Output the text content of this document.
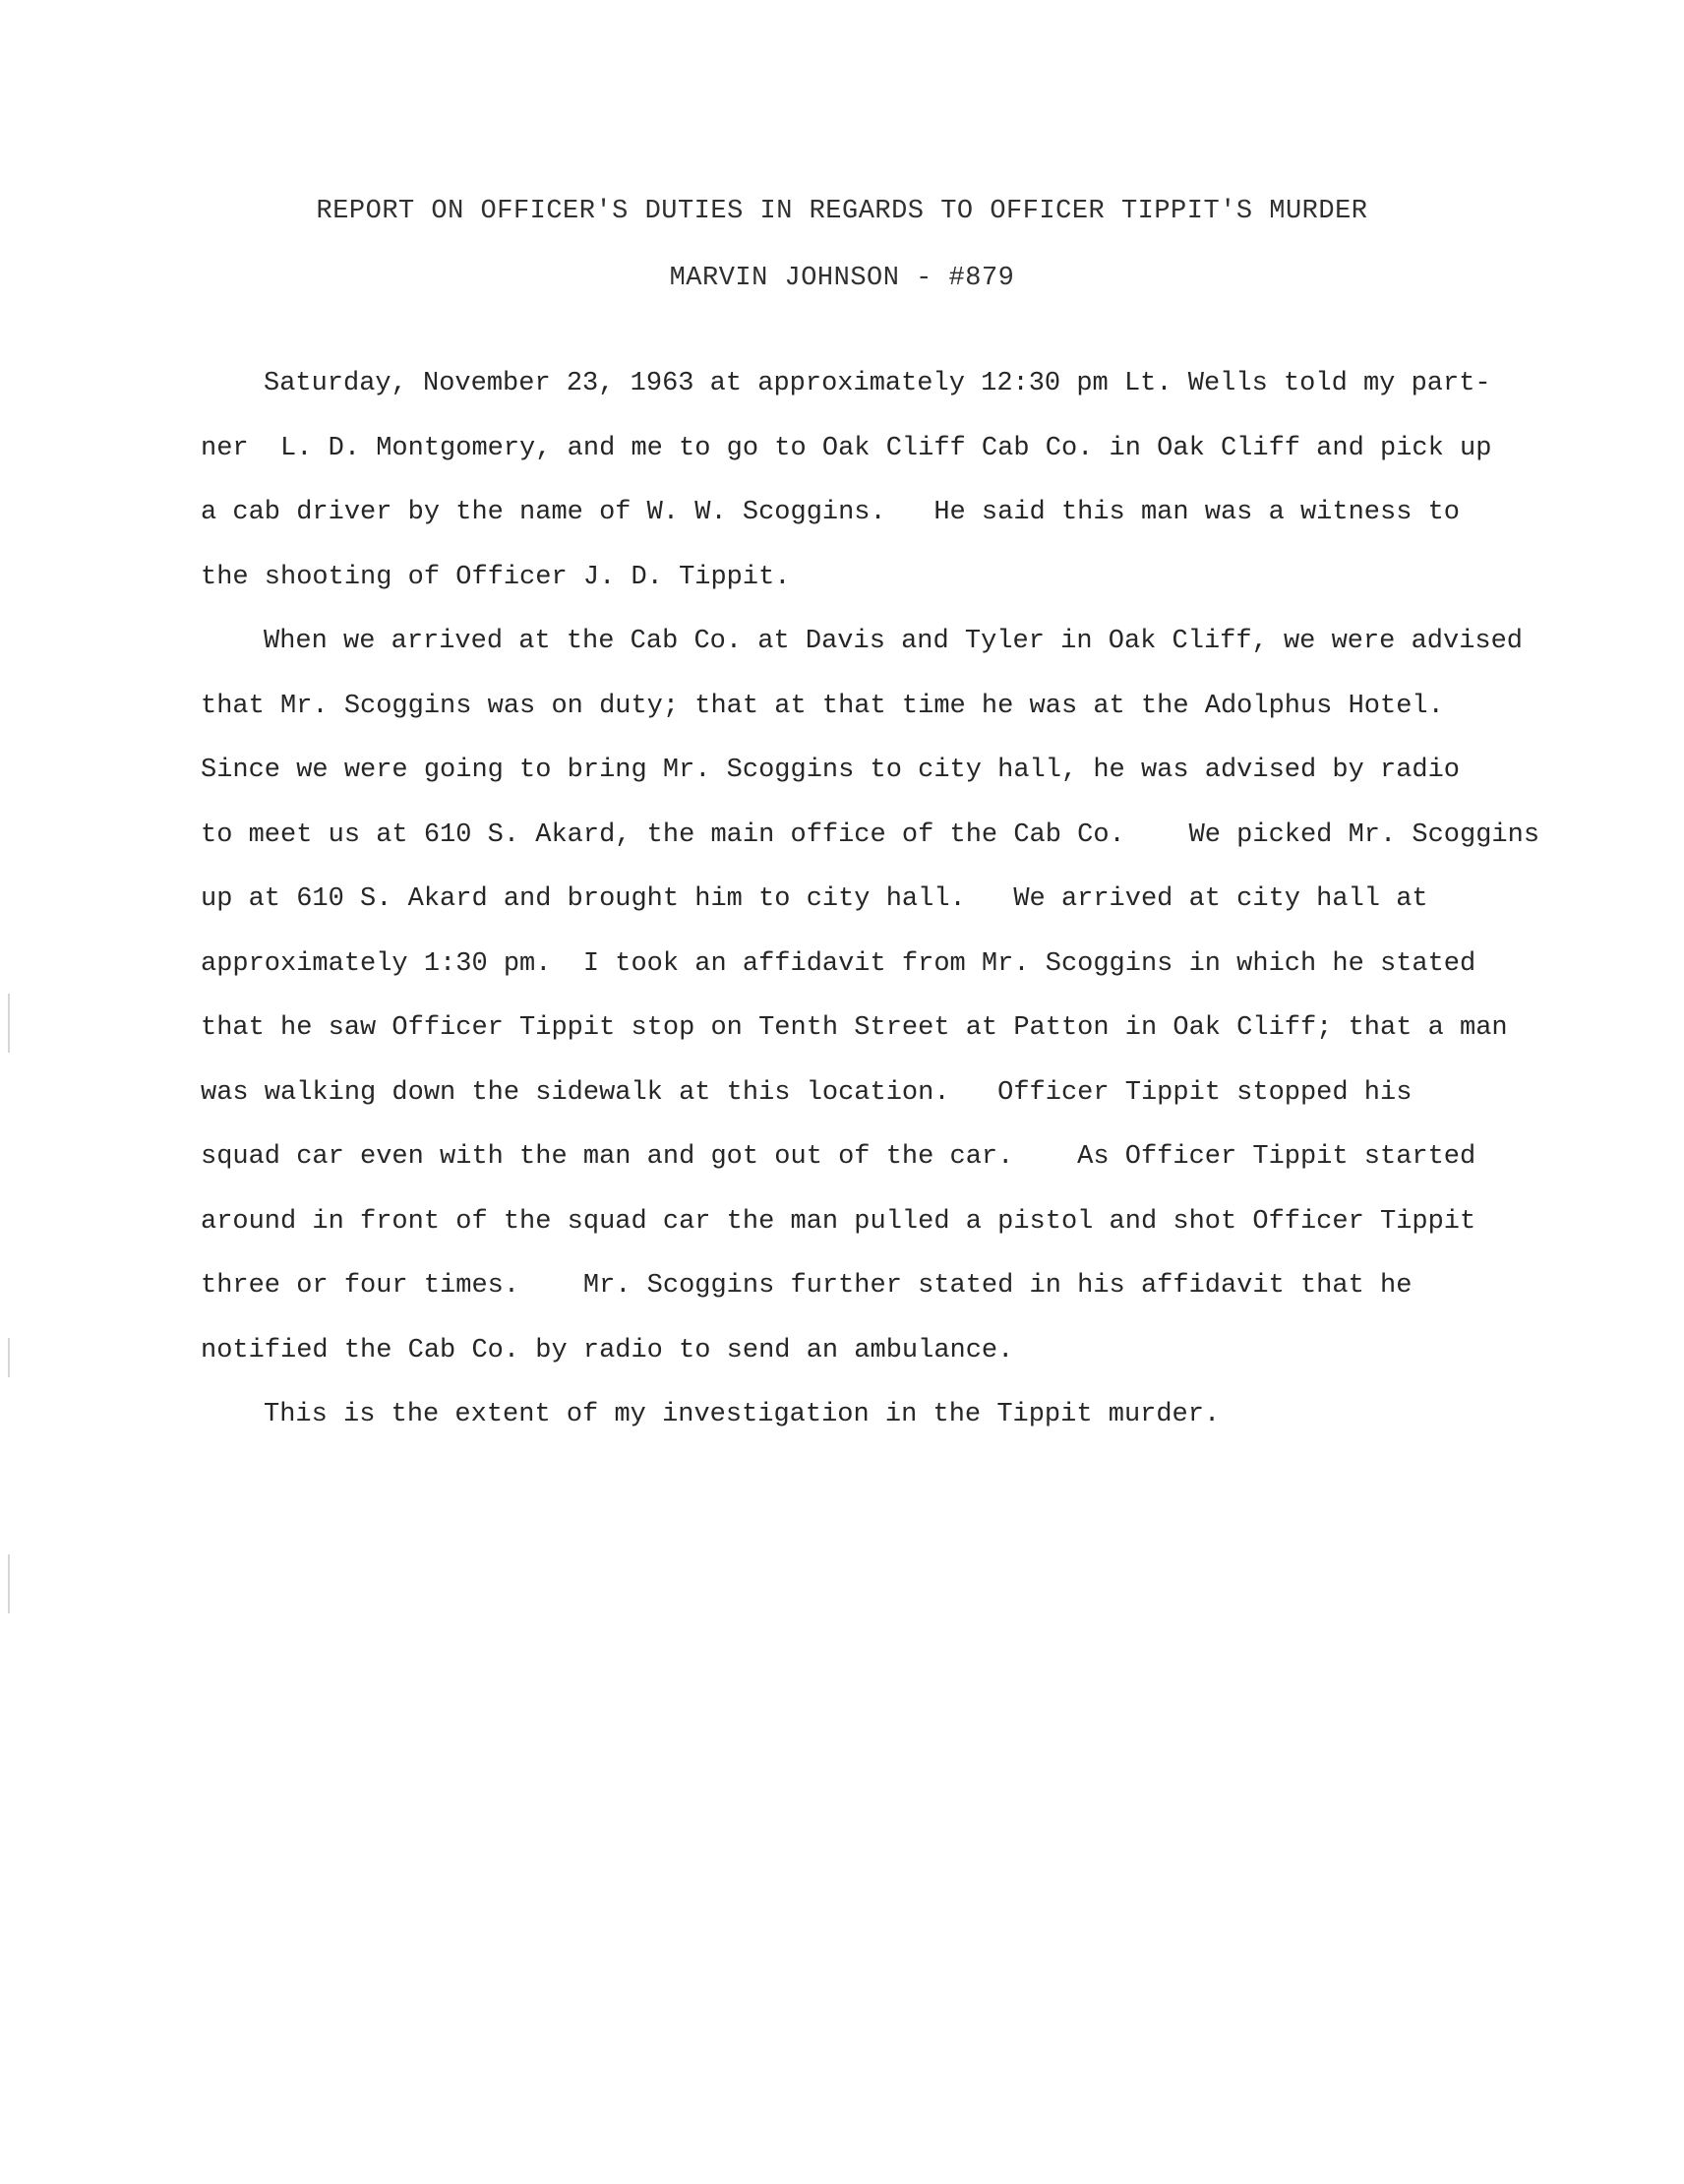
REPORT ON OFFICER'S DUTIES IN REGARDS TO OFFICER TIPPIT'S MURDER
MARVIN JOHNSON - #879
Saturday, November 23, 1963 at approximately 12:30 pm Lt. Wells told my part-
ner  L. D. Montgomery, and me to go to Oak Cliff Cab Co. in Oak Cliff and pick up
a cab driver by the name of W. W. Scoggins.   He said this man was a witness to
the shooting of Officer J. D. Tippit.
When we arrived at the Cab Co. at Davis and Tyler in Oak Cliff, we were advised
that Mr. Scoggins was on duty; that at that time he was at the Adolphus Hotel.
Since we were going to bring Mr. Scoggins to city hall, he was advised by radio
to meet us at 610 S. Akard, the main office of the Cab Co.    We picked Mr. Scoggins
up at 610 S. Akard and brought him to city hall.   We arrived at city hall at
approximately 1:30 pm.  I took an affidavit from Mr. Scoggins in which he stated
that he saw Officer Tippit stop on Tenth Street at Patton in Oak Cliff; that a man
was walking down the sidewalk at this location.   Officer Tippit stopped his
squad car even with the man and got out of the car.    As Officer Tippit started
around in front of the squad car the man pulled a pistol and shot Officer Tippit
three or four times.    Mr. Scoggins further stated in his affidavit that he
notified the Cab Co. by radio to send an ambulance.
This is the extent of my investigation in the Tippit murder.
